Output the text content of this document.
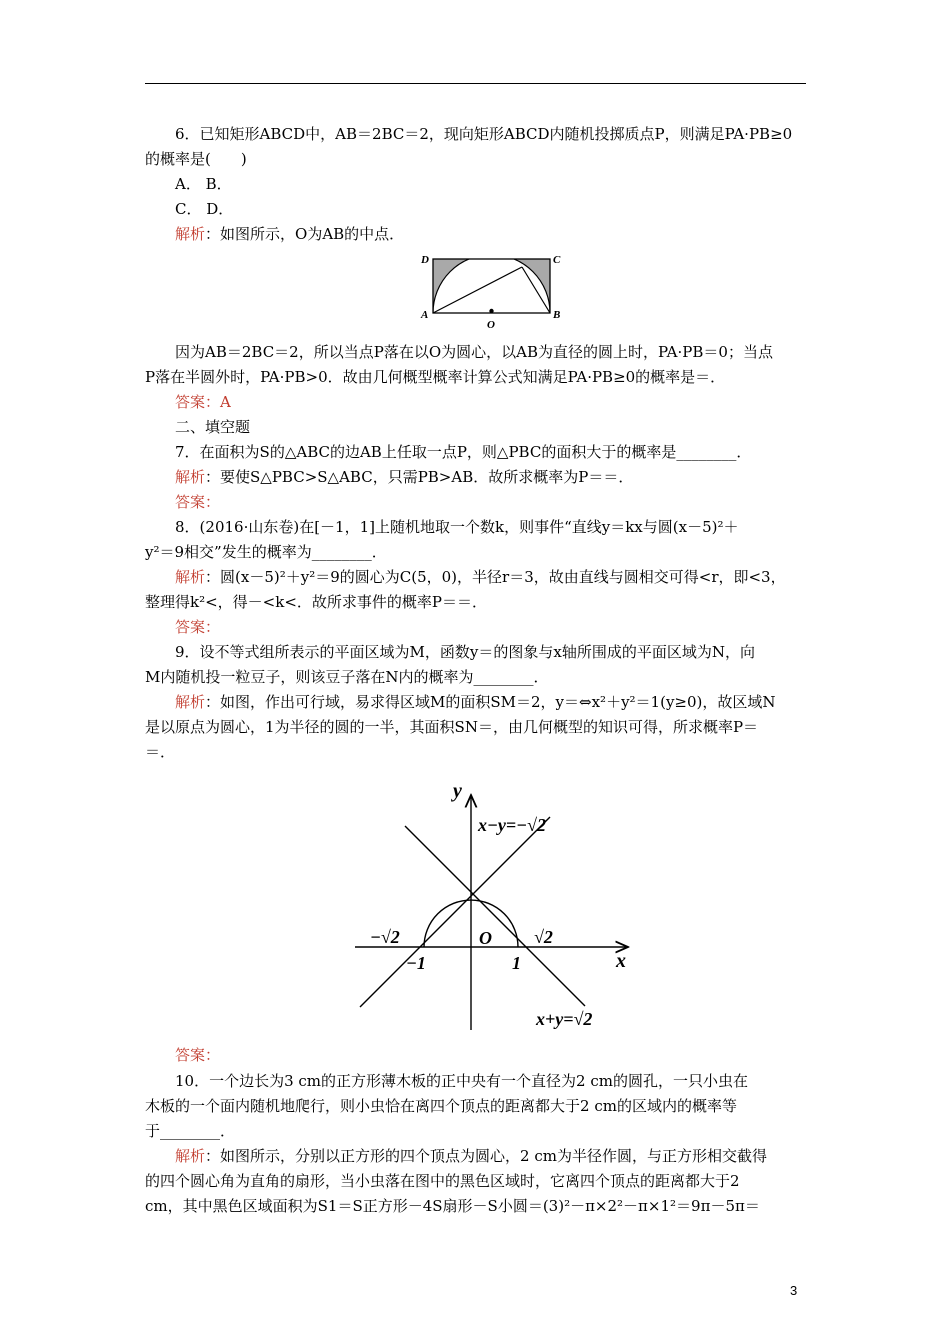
6．已知矩形ABCD中，AB＝2BC＝2，现向矩形ABCD内随机投掷质点P，则满足PA·PB≥0
的概率是(　　)
A． B．
C． D．
解析：如图所示，O为AB的中点．
D	C
A	B
O
因为AB＝2BC＝2，所以当点P落在以O为圆心，以AB为直径的圆上时，PA·PB＝0；当点
P落在半圆外时，PA·PB>0．故由几何概型概率计算公式知满足PA·PB≥0的概率是＝．
答案：A
二、填空题
7．在面积为S的△ABC的边AB上任取一点P，则△PBC的面积大于的概率是________．
解析：要使S△PBC>S△ABC，只需PB>AB．故所求概率为P＝＝．
答案：
8．(2016·山东卷)在[－1，1]上随机地取一个数k，则事件“直线y＝kx与圆(x－5)²＋
y²＝9相交”发生的概率为________．
解析：圆(x－5)²＋y²＝9的圆心为C(5，0)，半径r＝3，故由直线与圆相交可得<r，即<3，
整理得k²<，得－<k<．故所求事件的概率P＝＝．
答案：
9．设不等式组所表示的平面区域为M，函数y＝的图象与x轴所围成的平面区域为N，向
M内随机投一粒豆子，则该豆子落在N内的概率为________．
解析：如图，作出可行域，易求得区域M的面积SM＝2，y＝⇔x²＋y²＝1(y≥0)，故区域N
是以原点为圆心，1为半径的圆的一半，其面积SN＝，由几何概型的知识可得，所求概率P＝
＝．
y
x
O
x−y=−√2
x+y=√2
−√2	√2
−1	1
答案：
10．一个边长为3 cm的正方形薄木板的正中央有一个直径为2 cm的圆孔，一只小虫在
木板的一个面内随机地爬行，则小虫恰在离四个顶点的距离都大于2 cm的区域内的概率等
于________．
解析：如图所示，分别以正方形的四个顶点为圆心，2 cm为半径作圆，与正方形相交截得
的四个圆心角为直角的扇形，当小虫落在图中的黑色区域时，它离四个顶点的距离都大于2
cm，其中黑色区域面积为S1＝S正方形－4S扇形－S小圆＝(3)²－π×2²－π×1²＝9π－5π＝
3
